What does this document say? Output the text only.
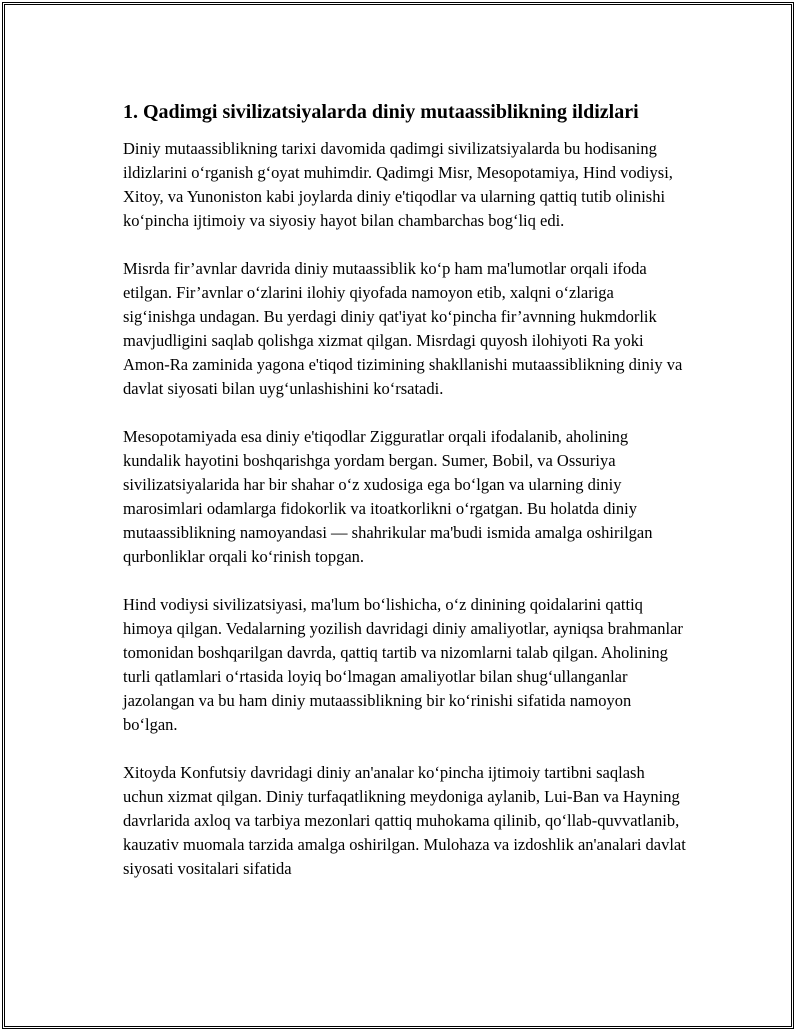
1. Qadimgi sivilizatsiyalarda diniy mutaassiblikning ildizlari

Diniy mutaassiblikning tarixi davomida qadimgi sivilizatsiyalarda bu hodisaning ildizlarini oʻrganish gʻoyat muhimdir. Qadimgi Misr, Mesopotamiya, Hind vodiysi, Xitoy, va Yunoniston kabi joylarda diniy e'tiqodlar va ularning qattiq tutib olinishi koʻpincha ijtimoiy va siyosiy hayot bilan chambarchas bogʻliq edi.

Misrda fir’avnlar davrida diniy mutaassiblik koʻp ham ma'lumotlar orqali ifoda etilgan. Fir’avnlar oʻzlarini ilohiy qiyofada namoyon etib, xalqni oʻzlariga sigʻinishga undagan. Bu yerdagi diniy qat'iyat koʻpincha fir’avnning hukmdorlik mavjudligini saqlab qolishga xizmat qilgan. Misrdagi quyosh ilohiyoti Ra yoki Amon-Ra zaminida yagona e'tiqod tizimining shakllanishi mutaassiblikning diniy va davlat siyosati bilan uygʻunlashishini koʻrsatadi.

Mesopotamiyada esa diniy e'tiqodlar Zigguratlar orqali ifodalanib, aholining kundalik hayotini boshqarishga yordam bergan. Sumer, Bobil, va Ossuriya sivilizatsiyalarida har bir shahar oʻz xudosiga ega boʻlgan va ularning diniy marosimlari odamlarga fidokorlik va itoatkorlikni oʻrgatgan. Bu holatda diniy mutaassiblikning namoyandasi — shahrikular ma'budi ismida amalga oshirilgan qurbonliklar orqali koʻrinish topgan.

Hind vodiysi sivilizatsiyasi, ma'lum boʻlishicha, oʻz dinining qoidalarini qattiq himoya qilgan. Vedalarning yozilish davridagi diniy amaliyotlar, ayniqsa brahmanlar tomonidan boshqarilgan davrda, qattiq tartib va nizomlarni talab qilgan. Aholining turli qatlamlari oʻrtasida loyiq boʻlmagan amaliyotlar bilan shugʻullanganlar jazolangan va bu ham diniy mutaassiblikning bir koʻrinishi sifatida namoyon boʻlgan.

Xitoyda Konfutsiy davridagi diniy an'analar koʻpincha ijtimoiy tartibni saqlash uchun xizmat qilgan. Diniy turfaqatlikning meydoniga aylanib, Lui-Ban va Hayning davrlarida axloq va tarbiya mezonlari qattiq muhokama qilinib, qoʻllab-quvvatlanib, kauzativ muomala tarzida amalga oshirilgan. Mulohaza va izdoshlik an'analari davlat siyosati vositalari sifatida
